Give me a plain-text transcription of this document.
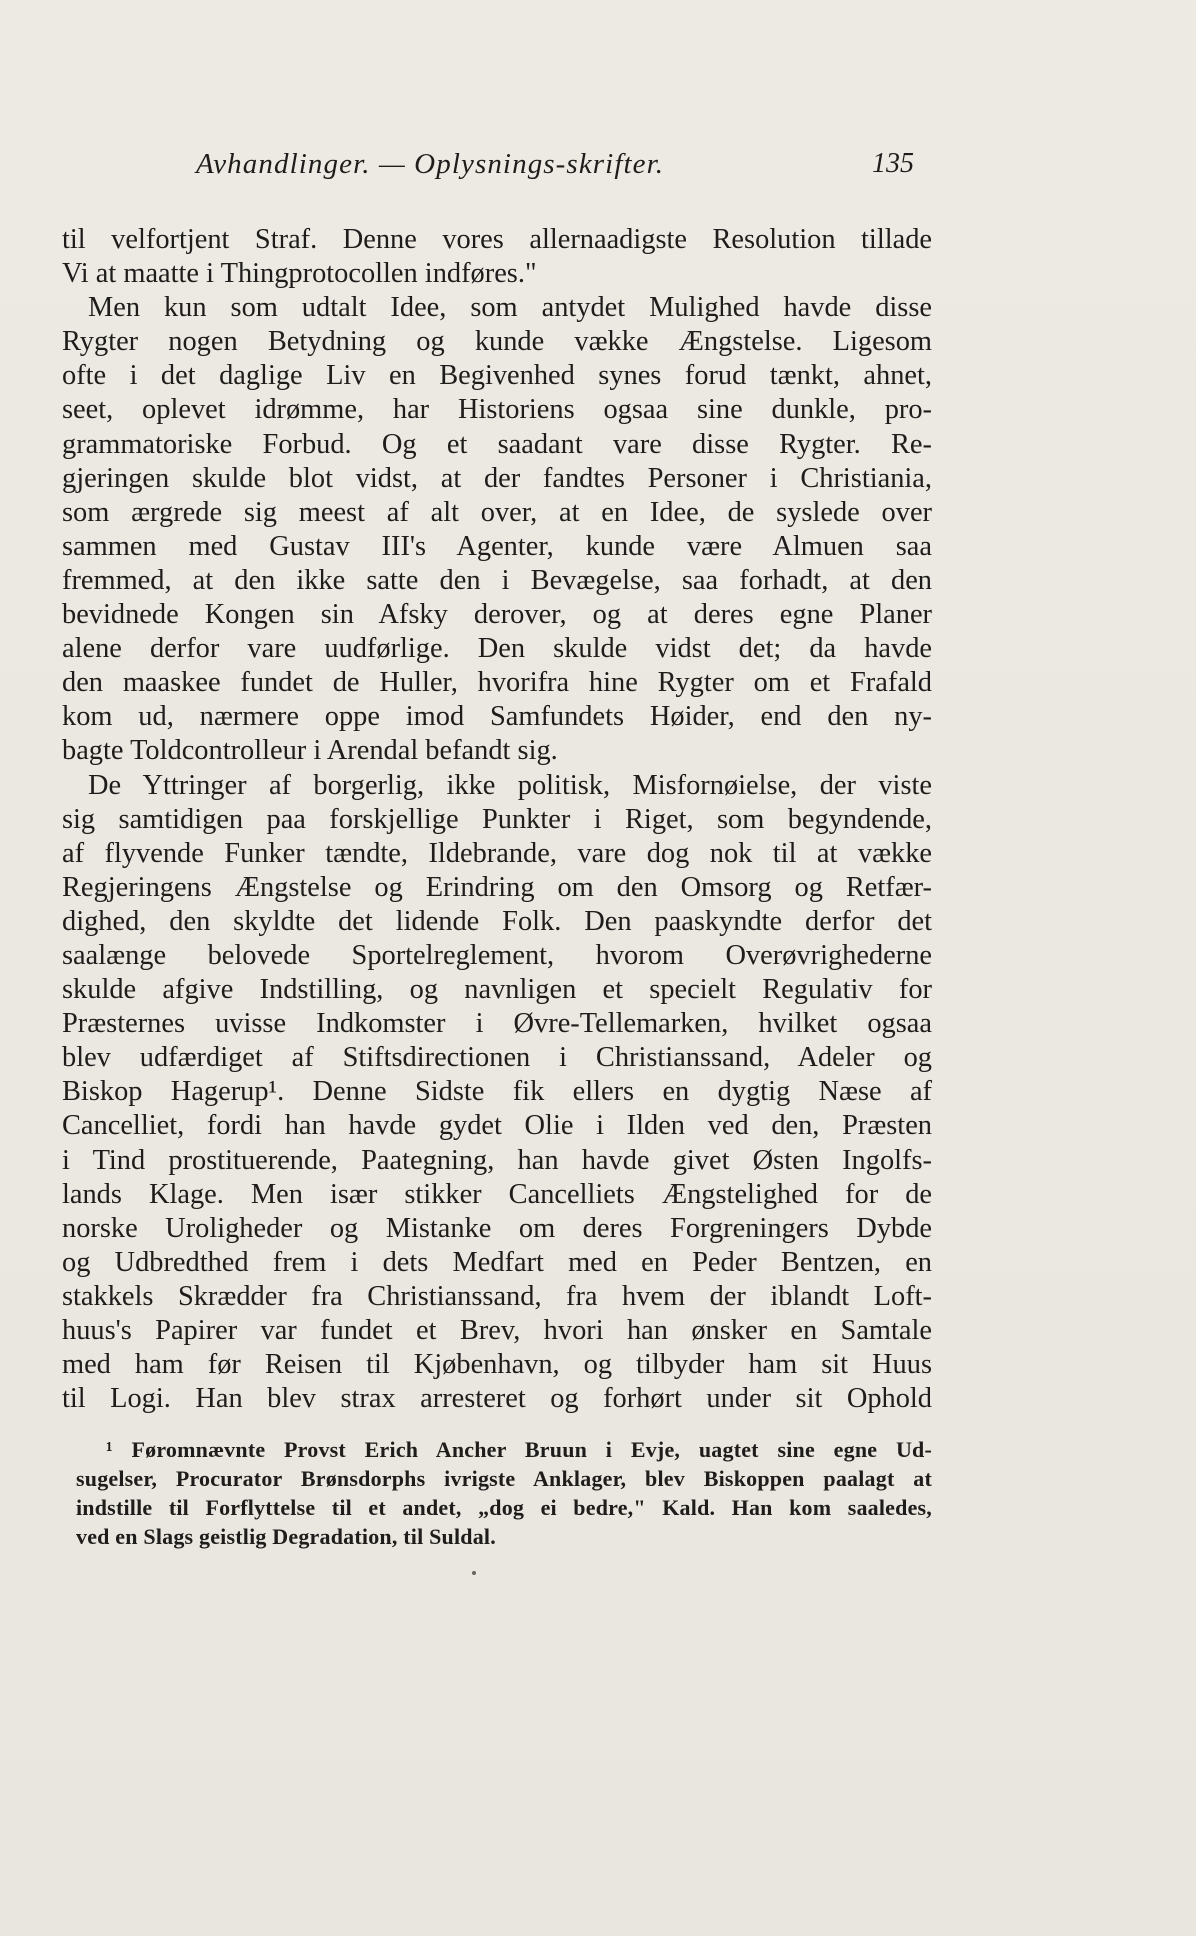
Avhandlinger. — Oplysnings-skrifter.	135
til velfortjent Straf. Denne vores allernaadigste Resolution tillade
Vi at maatte i Thingprotocollen indføres."
Men kun som udtalt Idee, som antydet Mulighed havde disse
Rygter nogen Betydning og kunde vække Ængstelse. Ligesom
ofte i det daglige Liv en Begivenhed synes forud tænkt, ahnet,
seet, oplevet idrømme, har Historiens ogsaa sine dunkle, pro-
grammatoriske Forbud. Og et saadant vare disse Rygter. Re-
gjeringen skulde blot vidst, at der fandtes Personer i Christiania,
som ærgrede sig meest af alt over, at en Idee, de syslede over
sammen med Gustav III's Agenter, kunde være Almuen saa
fremmed, at den ikke satte den i Bevægelse, saa forhadt, at den
bevidnede Kongen sin Afsky derover, og at deres egne Planer
alene derfor vare uudførlige. Den skulde vidst det; da havde
den maaskee fundet de Huller, hvorifra hine Rygter om et Frafald
kom ud, nærmere oppe imod Samfundets Høider, end den ny-
bagte Toldcontrolleur i Arendal befandt sig.
De Yttringer af borgerlig, ikke politisk, Misfornøielse, der viste
sig samtidigen paa forskjellige Punkter i Riget, som begyndende,
af flyvende Funker tændte, Ildebrande, vare dog nok til at vække
Regjeringens Ængstelse og Erindring om den Omsorg og Retfær-
dighed, den skyldte det lidende Folk. Den paaskyndte derfor det
saalænge belovede Sportelreglement, hvorom Overøvrighederne
skulde afgive Indstilling, og navnligen et specielt Regulativ for
Præsternes uvisse Indkomster i Øvre-Tellemarken, hvilket ogsaa
blev udfærdiget af Stiftsdirectionen i Christianssand, Adeler og
Biskop Hagerup¹. Denne Sidste fik ellers en dygtig Næse af
Cancelliet, fordi han havde gydet Olie i Ilden ved den, Præsten
i Tind prostituerende, Paategning, han havde givet Østen Ingolfs-
lands Klage. Men især stikker Cancelliets Ængstelighed for de
norske Uroligheder og Mistanke om deres Forgreningers Dybde
og Udbredthed frem i dets Medfart med en Peder Bentzen, en
stakkels Skrædder fra Christianssand, fra hvem der iblandt Loft-
huus's Papirer var fundet et Brev, hvori han ønsker en Samtale
med ham før Reisen til Kjøbenhavn, og tilbyder ham sit Huus
til Logi. Han blev strax arresteret og forhørt under sit Ophold
¹ Føromnævnte Provst Erich Ancher Bruun i Evje, uagtet sine egne Ud-
sugelser, Procurator Brønsdorphs ivrigste Anklager, blev Biskoppen paalagt at
indstille til Forflyttelse til et andet, „dog ei bedre," Kald. Han kom saaledes,
ved en Slags geistlig Degradation, til Suldal.
